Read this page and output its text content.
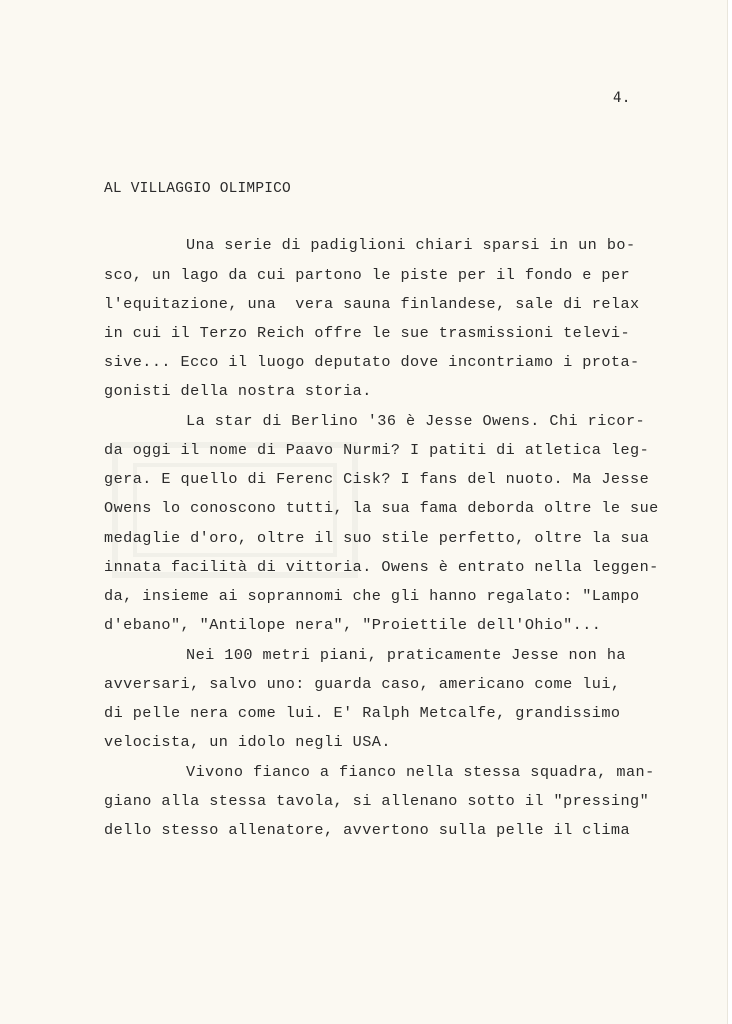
4.
AL VILLAGGIO OLIMPICO
Una serie di padiglioni chiari sparsi in un bo-
sco, un lago da cui partono le piste per il fondo e per
l'equitazione, una  vera sauna finlandese, sale di relax
in cui il Terzo Reich offre le sue trasmissioni televi-
sive... Ecco il luogo deputato dove incontriamo i prota-
gonisti della nostra storia.
La star di Berlino '36 è Jesse Owens. Chi ricor-
da oggi il nome di Paavo Nurmi? I patiti di atletica leg-
gera. E quello di Ferenc Cisk? I fans del nuoto. Ma Jesse
Owens lo conoscono tutti, la sua fama deborda oltre le sue
medaglie d'oro, oltre il suo stile perfetto, oltre la sua
innata facilità di vittoria. Owens è entrato nella leggen-
da, insieme ai soprannomi che gli hanno regalato: "Lampo
d'ebano", "Antilope nera", "Proiettile dell'Ohio"...
Nei 100 metri piani, praticamente Jesse non ha
avversari, salvo uno: guarda caso, americano come lui,
di pelle nera come lui. E' Ralph Metcalfe, grandissimo
velocista, un idolo negli USA.
Vivono fianco a fianco nella stessa squadra, man-
giano alla stessa tavola, si allenano sotto il "pressing"
dello stesso allenatore, avvertono sulla pelle il clima
